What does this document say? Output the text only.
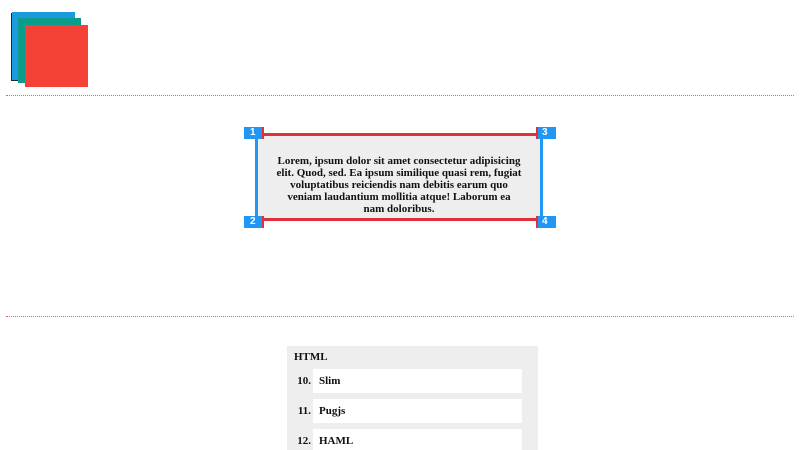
Lorem, ipsum dolor sit amet consectetur adipisicing elit. Quod, sed. Ea ipsum similique quasi rem, fugiat voluptatibus reiciendis nam debitis earum quo veniam laudantium mollitia atque! Laborum ea nam doloribus.
1
2
3
4
HTML
10. Slim
11. Pugjs
12. HAML
